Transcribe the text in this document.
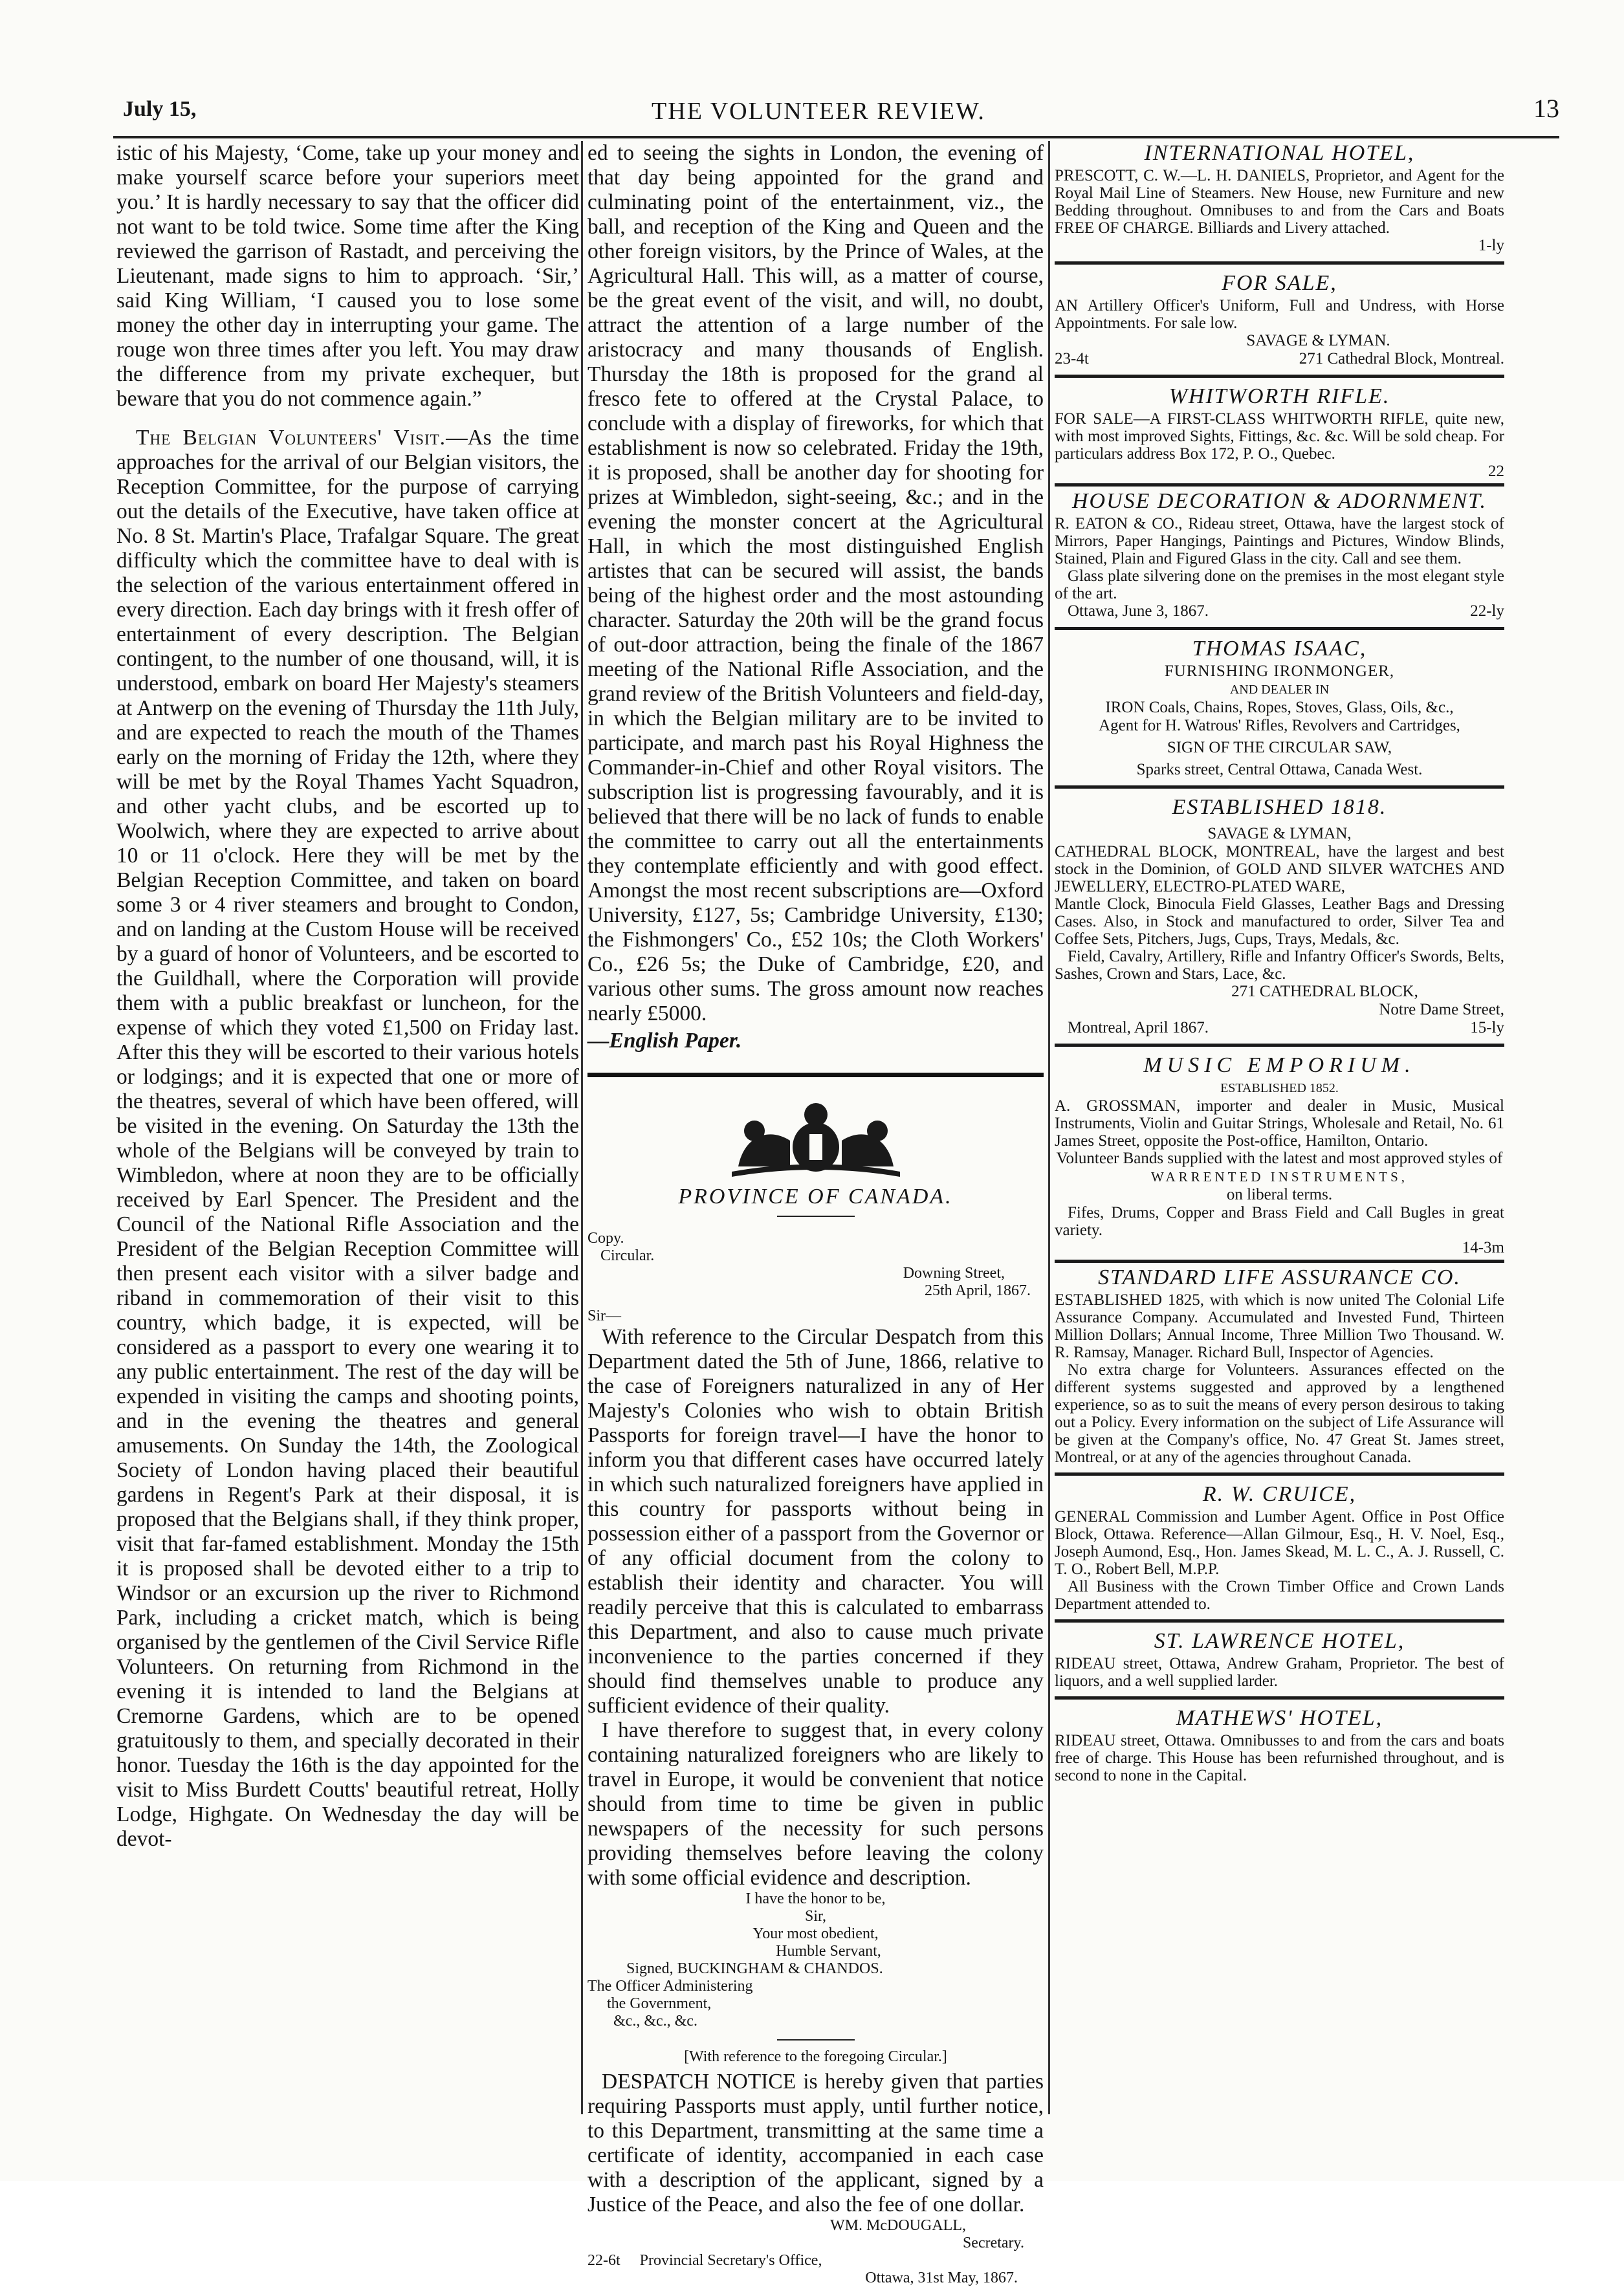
July 15,	THE VOLUNTEER REVIEW.	13

istic of his Majesty, ‘Come, take up your money and make yourself scarce before your superiors meet you.’ It is hardly necessary to say that the officer did not want to be told twice. Some time after the King reviewed the garrison of Rastadt, and perceiving the Lieutenant, made signs to him to approach. ‘Sir,’ said King William, ‘I caused you to lose some money the other day in interrupting your game. The rouge won three times after you left. You may draw the difference from my private exchequer, but beware that you do not commence again.”

The Belgian Volunteers' Visit.—As the time approaches for the arrival of our Belgian visitors, the Reception Committee, for the purpose of carrying out the details of the Executive, have taken office at No. 8 St. Martin's Place, Trafalgar Square. The great difficulty which the committee have to deal with is the selection of the various entertainment offered in every direction. Each day brings with it fresh offer of entertainment of every description. The Belgian contingent, to the number of one thousand, will, it is understood, embark on board Her Majesty's steamers at Antwerp on the evening of Thursday the 11th July, and are expected to reach the mouth of the Thames early on the morning of Friday the 12th, where they will be met by the Royal Thames Yacht Squadron, and other yacht clubs, and be escorted up to Woolwich, where they are expected to arrive about 10 or 11 o'clock. Here they will be met by the Belgian Reception Committee, and taken on board some 3 or 4 river steamers and brought to Condon, and on landing at the Custom House will be received by a guard of honor of Volunteers, and be escorted to the Guildhall, where the Corporation will provide them with a public breakfast or luncheon, for the expense of which they voted £1,500 on Friday last. After this they will be escorted to their various hotels or lodgings; and it is expected that one or more of the theatres, several of which have been offered, will be visited in the evening. On Saturday the 13th the whole of the Belgians will be conveyed by train to Wimbledon, where at noon they are to be officially received by Earl Spencer. The President and the Council of the National Rifle Association and the President of the Belgian Reception Committee will then present each visitor with a silver badge and riband in commemoration of their visit to this country, which badge, it is expected, will be considered as a passport to every one wearing it to any public entertainment. The rest of the day will be expended in visiting the camps and shooting points, and in the evening the theatres and general amusements. On Sunday the 14th, the Zoological Society of London having placed their beautiful gardens in Regent's Park at their disposal, it is proposed that the Belgians shall, if they think proper, visit that far-famed establishment. Monday the 15th it is proposed shall be devoted either to a trip to Windsor or an excursion up the river to Richmond Park, including a cricket match, which is being organised by the gentlemen of the Civil Service Rifle Volunteers. On returning from Richmond in the evening it is intended to land the Belgians at Cremorne Gardens, which are to be opened gratuitously to them, and specially decorated in their honor. Tuesday the 16th is the day appointed for the visit to Miss Burdett Coutts' beautiful retreat, Holly Lodge, Highgate. On Wednesday the day will be devot-

ed to seeing the sights in London, the evening of that day being appointed for the grand and culminating point of the entertainment, viz., the ball, and reception of the King and Queen and the other foreign visitors, by the Prince of Wales, at the Agricultural Hall. This will, as a matter of course, be the great event of the visit, and will, no doubt, attract the attention of a large number of the aristocracy and many thousands of English. Thursday the 18th is proposed for the grand al fresco fete to offered at the Crystal Palace, to conclude with a display of fireworks, for which that establishment is now so celebrated. Friday the 19th, it is proposed, shall be another day for shooting for prizes at Wimbledon, sight-seeing, &c.; and in the evening the monster concert at the Agricultural Hall, in which the most distinguished English artistes that can be secured will assist, the bands being of the highest order and the most astounding character. Saturday the 20th will be the grand focus of out-door attraction, being the finale of the 1867 meeting of the National Rifle Association, and the grand review of the British Volunteers and field-day, in which the Belgian military are to be invited to participate, and march past his Royal Highness the Commander-in-Chief and other Royal visitors. The subscription list is progressing favourably, and it is believed that there will be no lack of funds to enable the committee to carry out all the entertainments they contemplate efficiently and with good effect. Amongst the most recent subscriptions are—Oxford University, £127, 5s; Cambridge University, £130; the Fishmongers' Co., £52 10s; the Cloth Workers' Co., £26 5s; the Duke of Cambridge, £20, and various other sums. The gross amount now reaches nearly £5000.

—English Paper.

PROVINCE OF CANADA.
Copy.
Circular.
Downing Street,
25th April, 1867.
Sir—

With reference to the Circular Despatch from this Department dated the 5th of June, 1866, relative to the case of Foreigners naturalized in any of Her Majesty's Colonies who wish to obtain British Passports for foreign travel—I have the honor to inform you that different cases have occurred lately in which such naturalized foreigners have applied in this country for passports without being in possession either of a passport from the Governor or of any official document from the colony to establish their identity and character. You will readily perceive that this is calculated to embarrass this Department, and also to cause much private inconvenience to the parties concerned if they should find themselves unable to produce any sufficient evidence of their quality.

I have therefore to suggest that, in every colony containing naturalized foreigners who are likely to travel in Europe, it would be convenient that notice should from time to time be given in public newspapers of the necessity for such persons providing themselves before leaving the colony with some official evidence and description.

I have the honor to be,
Sir,
Your most obedient,
Humble Servant,
Signed, BUCKINGHAM & CHANDOS.
The Officer Administering
the Government,
&c., &c., &c.
[With reference to the foregoing Circular.]

DESPATCH NOTICE is hereby given that parties requiring Passports must apply, until further notice, to this Department, transmitting at the same time a certificate of identity, accompanied in each case with a description of the applicant, signed by a Justice of the Peace, and also the fee of one dollar.

WM. McDOUGALL,
Secretary.
22-6t Provincial Secretary's Office,
Ottawa, 31st May, 1867.
INTERNATIONAL HOTEL,

PRESCOTT, C. W.—L. H. DANIELS, Proprietor, and Agent for the Royal Mail Line of Steamers. New House, new Furniture and new Bedding throughout. Omnibuses to and from the Cars and Boats FREE OF CHARGE. Billiards and Livery attached.

1-ly
FOR SALE,

AN Artillery Officer's Uniform, Full and Undress, with Horse Appointments. For sale low.

SAVAGE & LYMAN.
23-4t	271 Cathedral Block, Montreal.
WHITWORTH RIFLE.

FOR SALE—A FIRST-CLASS WHITWORTH RIFLE, quite new, with most improved Sights, Fittings, &c. &c. Will be sold cheap. For particulars address Box 172, P. O., Quebec.

22
HOUSE DECORATION & ADORNMENT.

R. EATON & CO., Rideau street, Ottawa, have the largest stock of Mirrors, Paper Hangings, Paintings and Pictures, Window Blinds, Stained, Plain and Figured Glass in the city. Call and see them.

Glass plate silvering done on the premises in the most elegant style of the art.

Ottawa, June 3, 1867.	22-ly
THOMAS ISAAC,
FURNISHING IRONMONGER,
AND DEALER IN
IRON Coals, Chains, Ropes, Stoves, Glass, Oils, &c.,
Agent for H. Watrous' Rifles, Revolvers and Cartridges,
SIGN OF THE CIRCULAR SAW,
Sparks street, Central Ottawa, Canada West.
ESTABLISHED 1818.
SAVAGE & LYMAN,

CATHEDRAL BLOCK, MONTREAL, have the largest and best stock in the Dominion, of GOLD AND SILVER WATCHES AND JEWELLERY, ELECTRO-PLATED WARE,

Mantle Clock, Binocula Field Glasses, Leather Bags and Dressing Cases. Also, in Stock and manufactured to order, Silver Tea and Coffee Sets, Pitchers, Jugs, Cups, Trays, Medals, &c.

Field, Cavalry, Artillery, Rifle and Infantry Officer's Swords, Belts, Sashes, Crown and Stars, Lace, &c.

271 CATHEDRAL BLOCK,
Notre Dame Street,
Montreal, April 1867.	15-ly
MUSIC EMPORIUM.
ESTABLISHED 1852.

A. GROSSMAN, importer and dealer in Music, Musical Instruments, Violin and Guitar Strings, Wholesale and Retail, No. 61 James Street, opposite the Post-office, Hamilton, Ontario.

Volunteer Bands supplied with the latest and most approved styles of
WARRENTED INSTRUMENTS,
on liberal terms.

Fifes, Drums, Copper and Brass Field and Call Bugles in great variety.

14-3m
STANDARD LIFE ASSURANCE CO.

ESTABLISHED 1825, with which is now united The Colonial Life Assurance Company. Accumulated and Invested Fund, Thirteen Million Dollars; Annual Income, Three Million Two Thousand. W. R. Ramsay, Manager. Richard Bull, Inspector of Agencies.

No extra charge for Volunteers. Assurances effected on the different systems suggested and approved by a lengthened experience, so as to suit the means of every person desirous to taking out a Policy. Every information on the subject of Life Assurance will be given at the Company's office, No. 47 Great St. James street, Montreal, or at any of the agencies throughout Canada.

R. W. CRUICE,

GENERAL Commission and Lumber Agent. Office in Post Office Block, Ottawa. Reference—Allan Gilmour, Esq., H. V. Noel, Esq., Joseph Aumond, Esq., Hon. James Skead, M. L. C., A. J. Russell, C. T. O., Robert Bell, M.P.P.

All Business with the Crown Timber Office and Crown Lands Department attended to.

ST. LAWRENCE HOTEL,

RIDEAU street, Ottawa, Andrew Graham, Proprietor. The best of liquors, and a well supplied larder.

MATHEWS' HOTEL,

RIDEAU street, Ottawa. Omnibusses to and from the cars and boats free of charge. This House has been refurnished throughout, and is second to none in the Capital.
